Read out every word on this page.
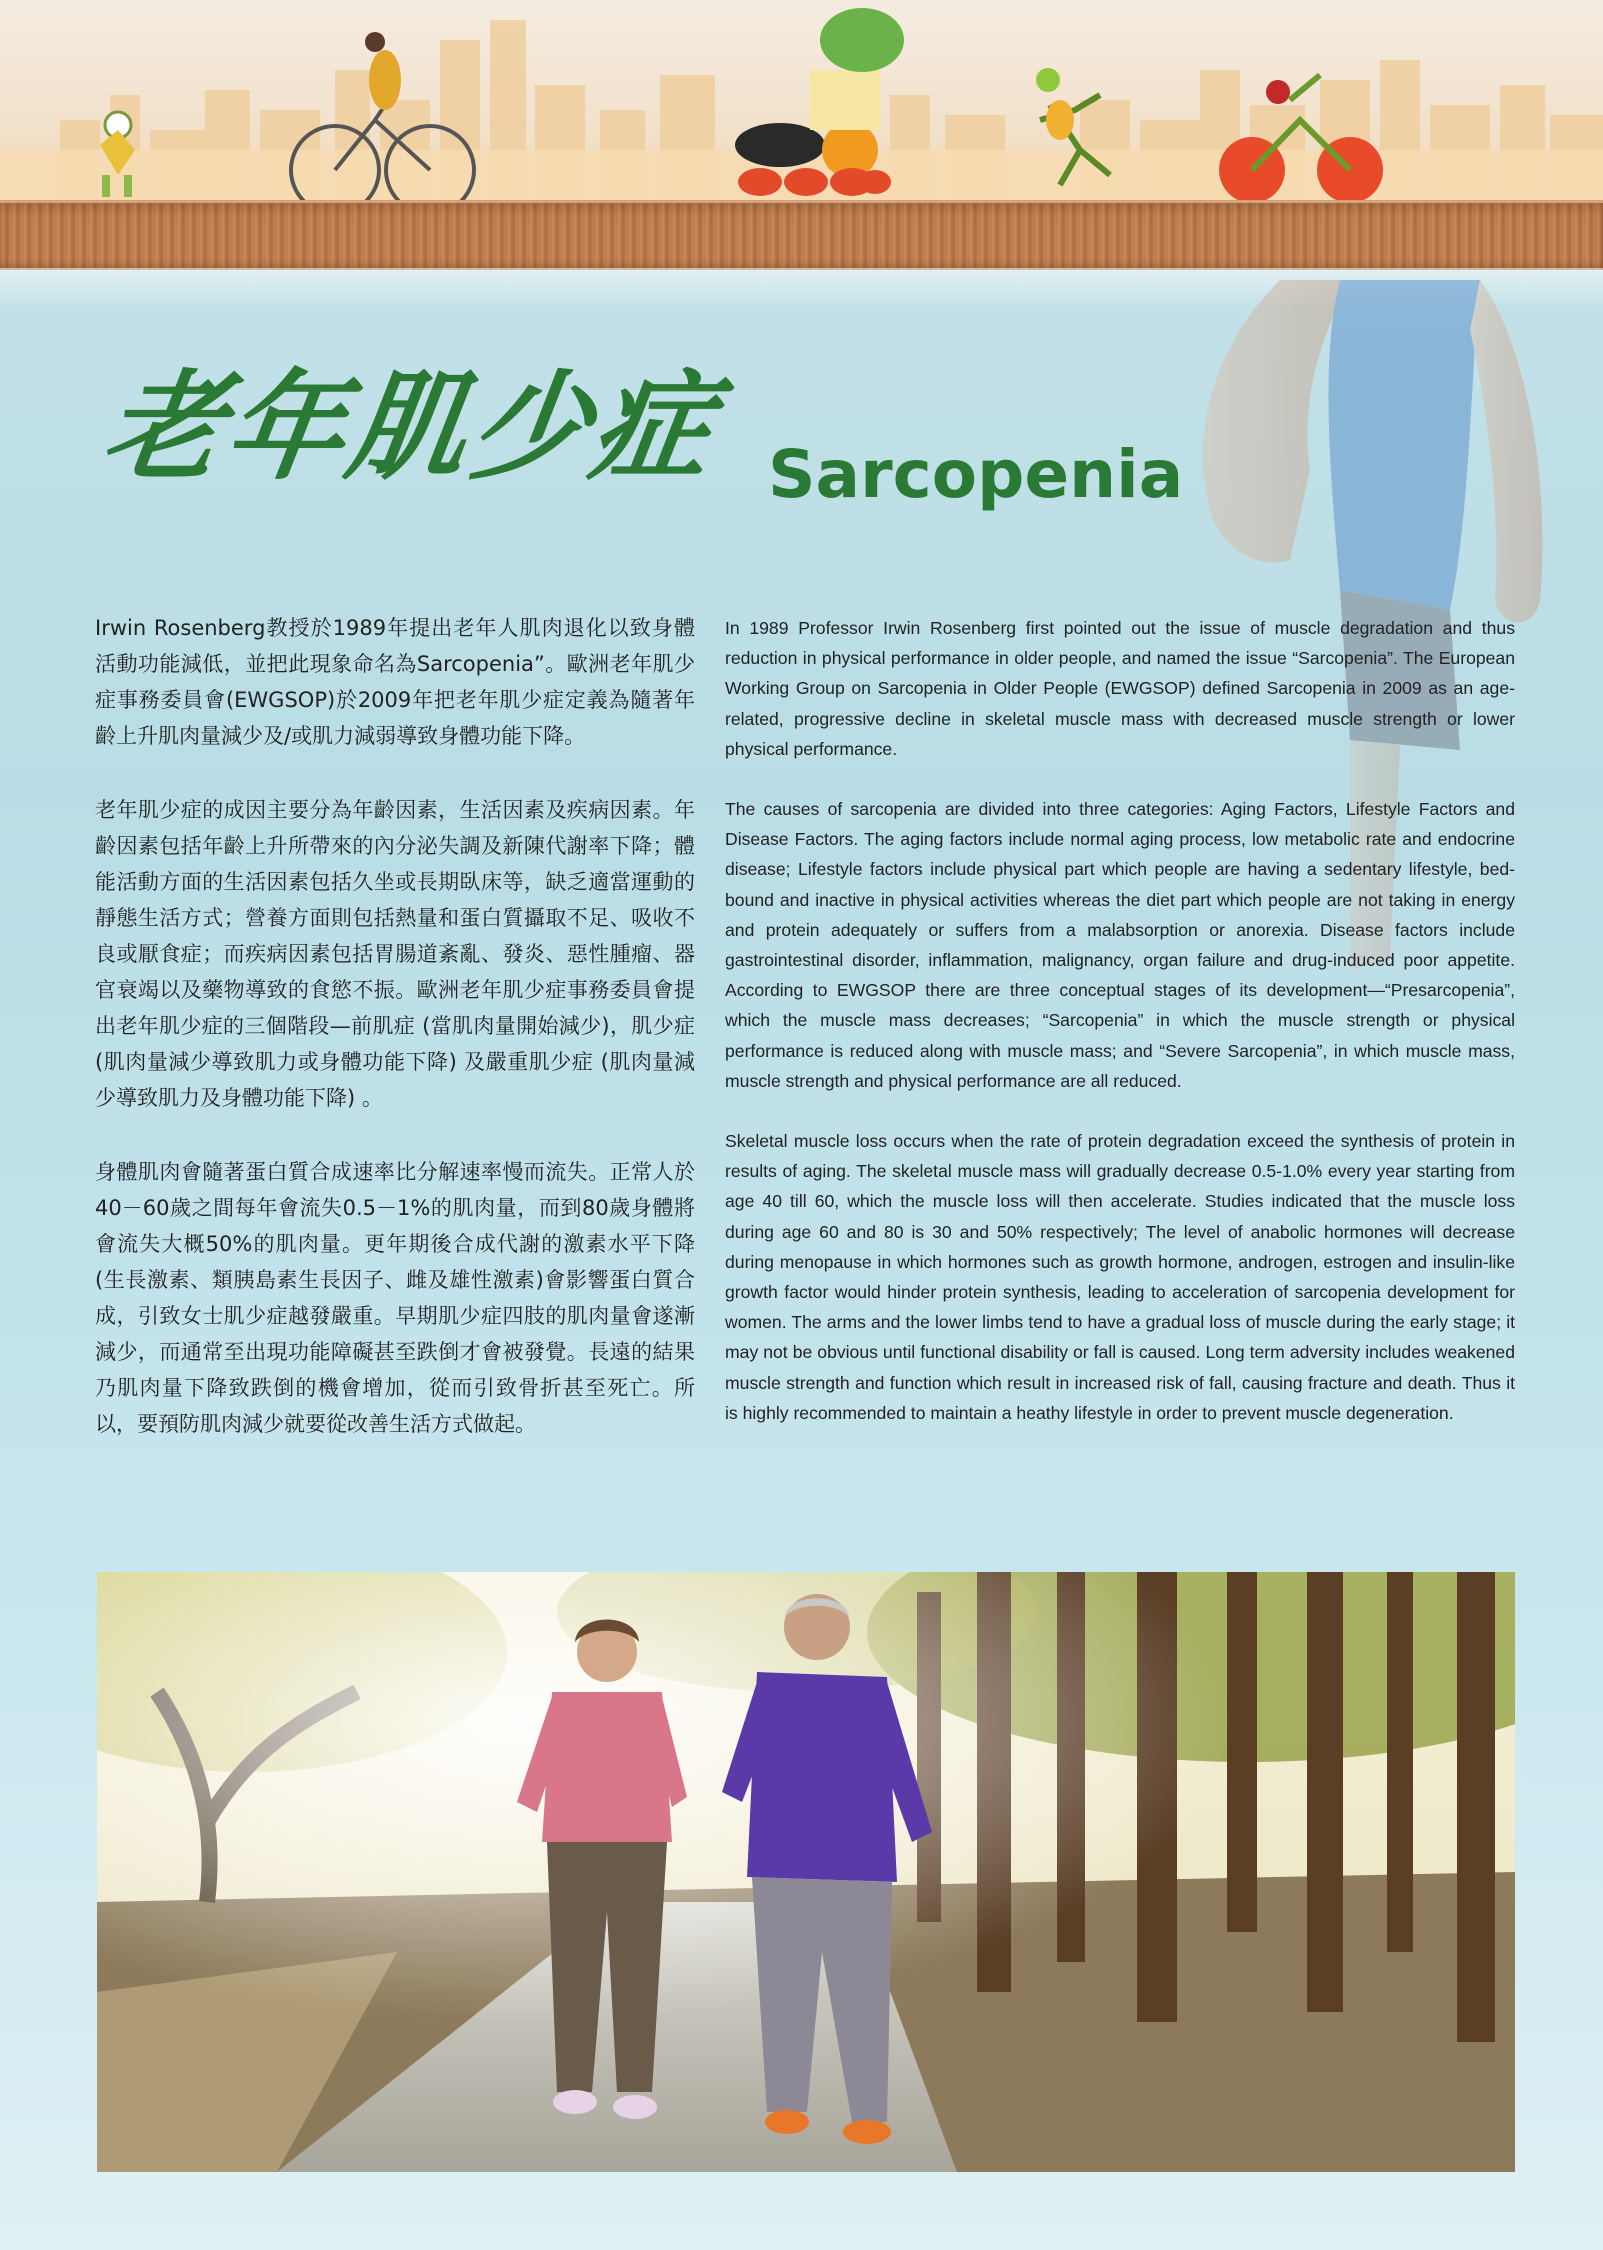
老年肌少症 Sarcopenia

Irwin Rosenberg教授於1989年提出老年人肌肉退化以致身體活動功能減低，並把此現象命名為Sarcopenia”。歐洲老年肌少症事務委員會(EWGSOP)於2009年把老年肌少症定義為隨著年齡上升肌肉量減少及/或肌力減弱導致身體功能下降。

老年肌少症的成因主要分為年齡因素，生活因素及疾病因素。年齡因素包括年齡上升所帶來的內分泌失調及新陳代謝率下降；體能活動方面的生活因素包括久坐或長期臥床等，缺乏適當運動的靜態生活方式；營養方面則包括熱量和蛋白質攝取不足、吸收不良或厭食症；而疾病因素包括胃腸道紊亂、發炎、惡性腫瘤、器官衰竭以及藥物導致的食慾不振。歐洲老年肌少症事務委員會提出老年肌少症的三個階段—前肌症 (當肌肉量開始減少)，肌少症 (肌肉量減少導致肌力或身體功能下降) 及嚴重肌少症 (肌肉量減少導致肌力及身體功能下降) 。

身體肌肉會隨著蛋白質合成速率比分解速率慢而流失。正常人於40－60歲之間每年會流失0.5－1%的肌肉量，而到80歲身體將會流失大概50%的肌肉量。更年期後合成代謝的激素水平下降(生長激素、類胰島素生長因子、雌及雄性激素)會影響蛋白質合成，引致女士肌少症越發嚴重。早期肌少症四肢的肌肉量會遂漸減少，而通常至出現功能障礙甚至跌倒才會被發覺。長遠的結果乃肌肉量下降致跌倒的機會增加，從而引致骨折甚至死亡。所以，要預防肌肉減少就要從改善生活方式做起。

In 1989 Professor Irwin Rosenberg first pointed out the issue of muscle degradation and thus reduction in physical performance in older people, and named the issue “Sarcopenia”. The European Working Group on Sarcopenia in Older People (EWGSOP) defined Sarcopenia in 2009 as an age-related, progressive decline in skeletal muscle mass with decreased muscle strength or lower physical performance.

The causes of sarcopenia are divided into three categories: Aging Factors, Lifestyle Factors and Disease Factors. The aging factors include normal aging process, low metabolic rate and endocrine disease; Lifestyle factors include physical part which people are having a sedentary lifestyle, bed-bound and inactive in physical activities whereas the diet part which people are not taking in energy and protein adequately or suffers from a malabsorption or anorexia. Disease factors include gastrointestinal disorder, inflammation, malignancy, organ failure and drug-induced poor appetite. According to EWGSOP there are three conceptual stages of its development—“Presarcopenia”, which the muscle mass decreases; “Sarcopenia” in which the muscle strength or physical performance is reduced along with muscle mass; and “Severe Sarcopenia”, in which muscle mass, muscle strength and physical performance are all reduced.

Skeletal muscle loss occurs when the rate of protein degradation exceed the synthesis of protein in results of aging. The skeletal muscle mass will gradually decrease 0.5-1.0% every year starting from age 40 till 60, which the muscle loss will then accelerate. Studies indicated that the muscle loss during age 60 and 80 is 30 and 50% respectively; The level of anabolic hormones will decrease during menopause in which hormones such as growth hormone, androgen, estrogen and insulin-like growth factor would hinder protein synthesis, leading to acceleration of sarcopenia development for women. The arms and the lower limbs tend to have a gradual loss of muscle during the early stage; it may not be obvious until functional disability or fall is caused. Long term adversity includes weakened muscle strength and function which result in increased risk of fall, causing fracture and death. Thus it is highly recommended to maintain a heathy lifestyle in order to prevent muscle degeneration.
